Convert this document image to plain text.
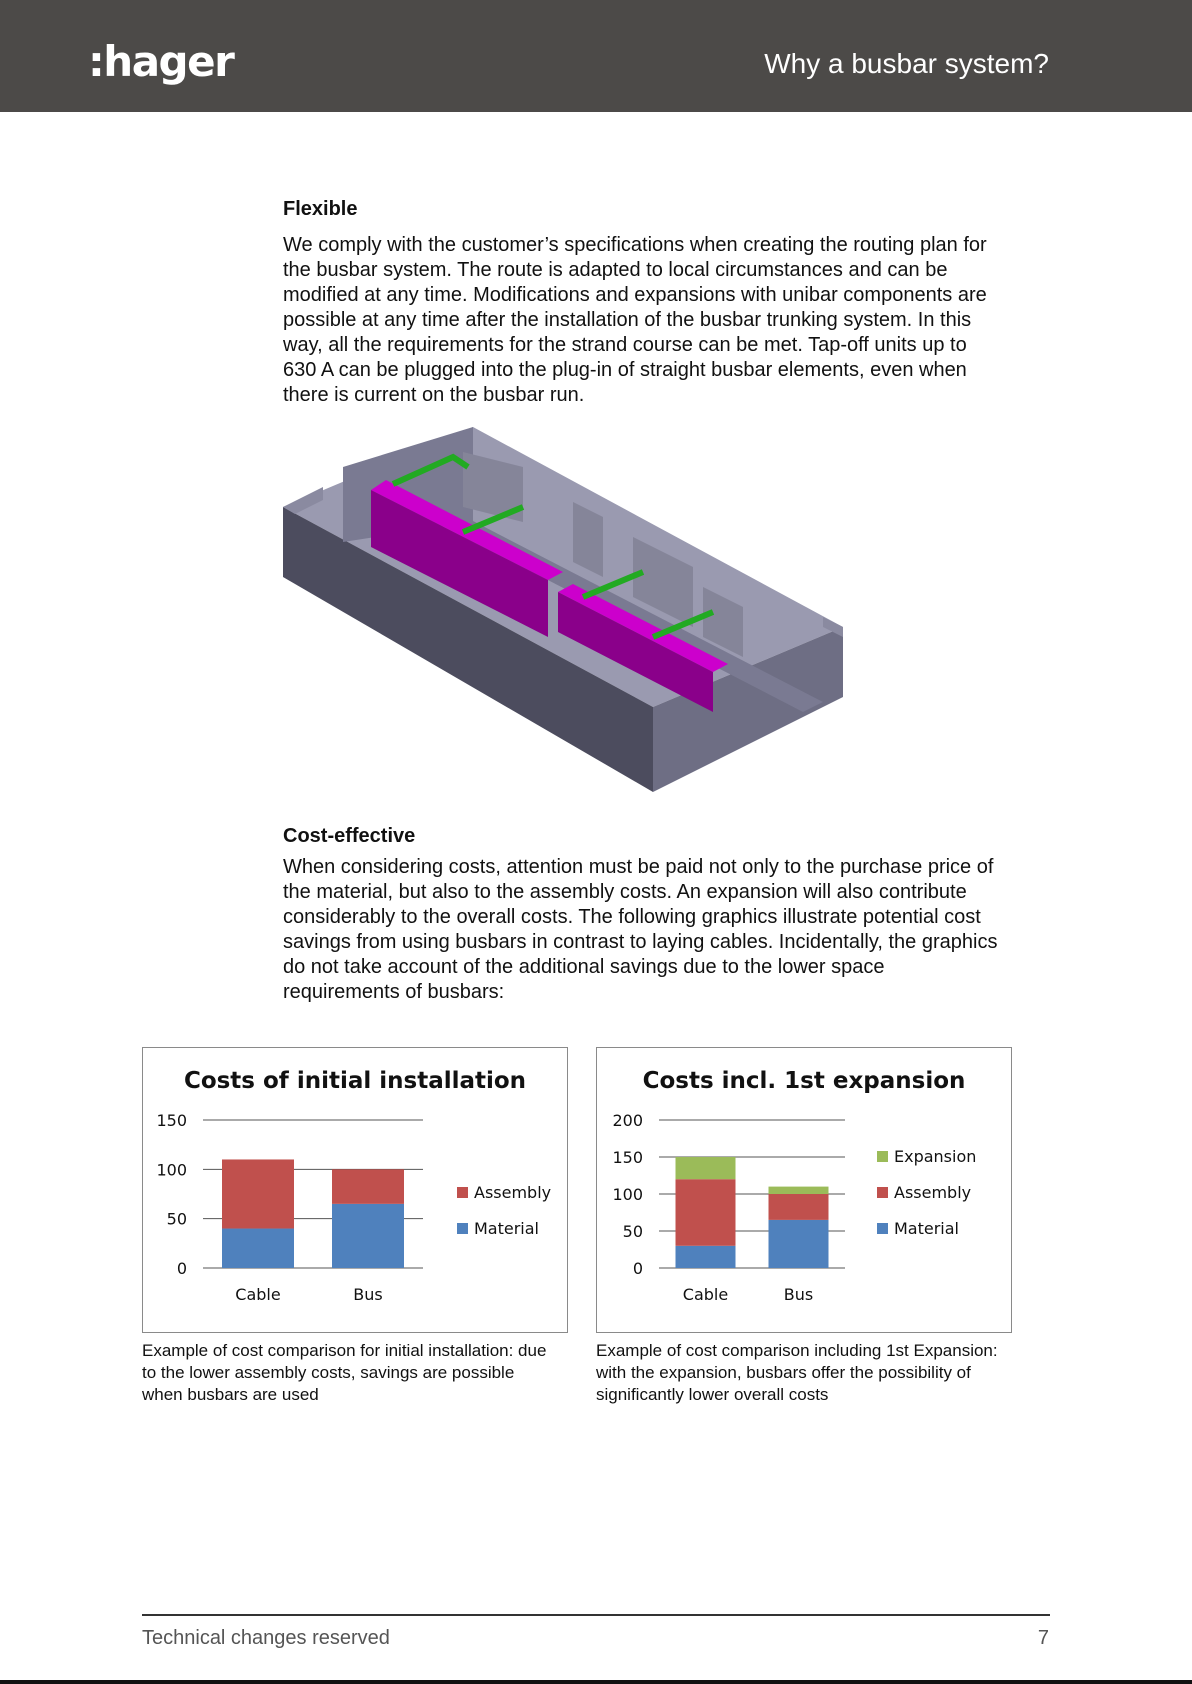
:hager	Why a busbar system?
Flexible
We comply with the customer’s specifications when creating the routing plan for
the busbar system. The route is adapted to local circumstances and can be
modified at any time. Modifications and expansions with unibar components are
possible at any time after the installation of the busbar trunking system. In this
way, all the requirements for the strand course can be met. Tap-off units up to
630 A can be plugged into the plug-in of straight busbar elements, even when
there is current on the busbar run.
Cost-effective
When considering costs, attention must be paid not only to the purchase price of
the material, but also to the assembly costs. An expansion will also contribute
considerably to the overall costs. The following graphics illustrate potential cost
savings from using busbars in contrast to laying cables. Incidentally, the graphics
do not take account of the additional savings due to the lower space
requirements of busbars:
Costs of initial installation
0
50
100
150
Cable	Bus
Assembly
Material
Costs incl. 1st expansion
0
50
100
150
200
Cable	Bus
Expansion
Assembly
Material
Example of cost comparison for initial installation: due
to the lower assembly costs, savings are possible
when busbars are used
Example of cost comparison including 1st Expansion:
with the expansion, busbars offer the possibility of
significantly lower overall costs
Technical changes reserved	7
